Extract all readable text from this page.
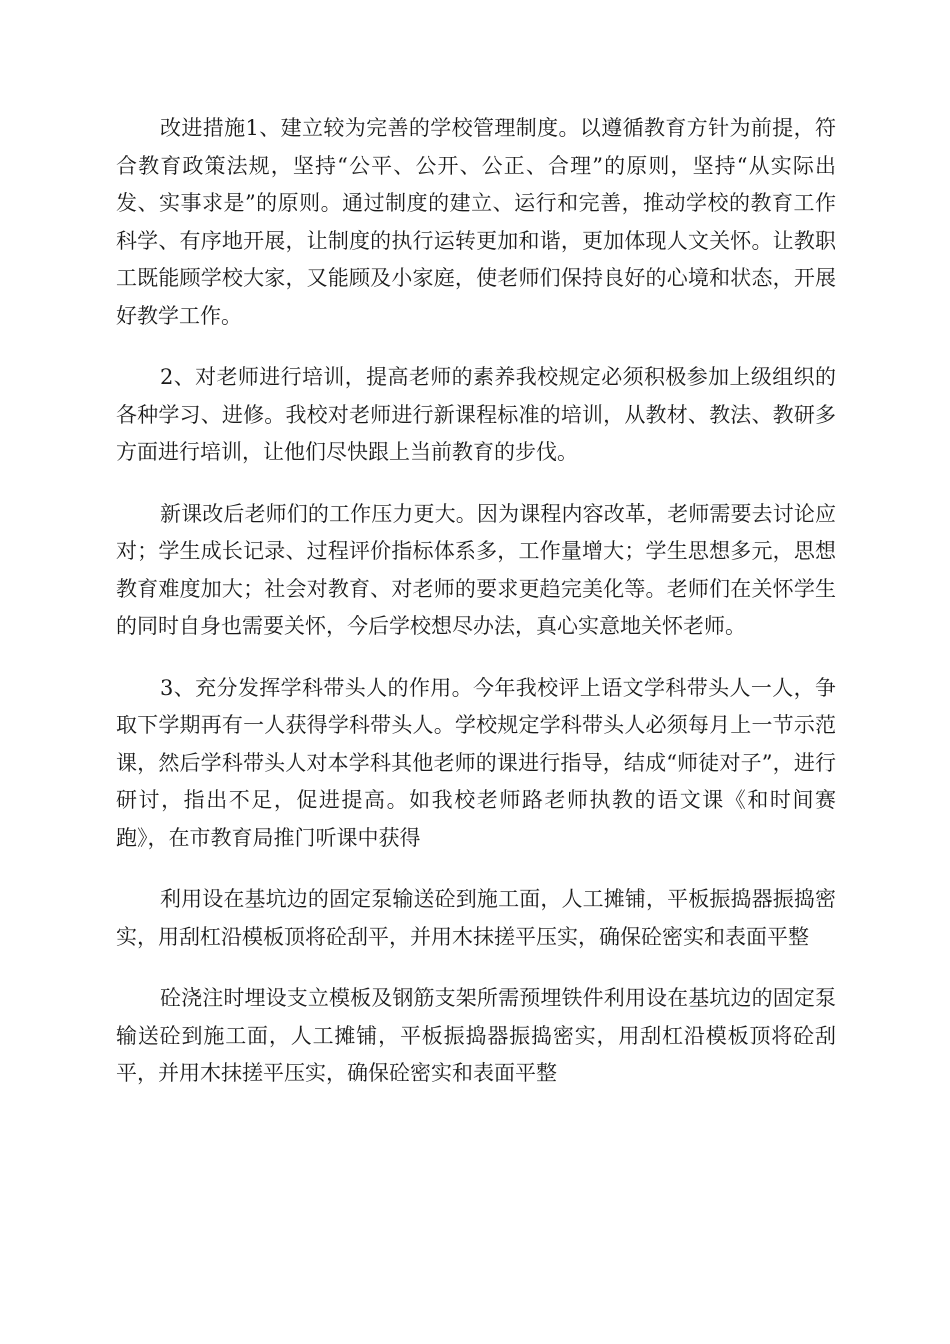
改进措施1、建立较为完善的学校管理制度。以遵循教育方针为前提，符合教育政策法规，坚持“公平、公开、公正、合理”的原则，坚持“从实际出发、实事求是”的原则。通过制度的建立、运行和完善，推动学校的教育工作科学、有序地开展，让制度的执行运转更加和谐，更加体现人文关怀。让教职工既能顾学校大家，又能顾及小家庭，使老师们保持良好的心境和状态，开展好教学工作。

2、对老师进行培训，提高老师的素养我校规定必须积极参加上级组织的各种学习、进修。我校对老师进行新课程标准的培训，从教材、教法、教研多方面进行培训，让他们尽快跟上当前教育的步伐。

新课改后老师们的工作压力更大。因为课程内容改革，老师需要去讨论应对；学生成长记录、过程评价指标体系多，工作量增大；学生思想多元，思想教育难度加大；社会对教育、对老师的要求更趋完美化等。老师们在关怀学生的同时自身也需要关怀，今后学校想尽办法，真心实意地关怀老师。

3、充分发挥学科带头人的作用。今年我校评上语文学科带头人一人，争取下学期再有一人获得学科带头人。学校规定学科带头人必须每月上一节示范课，然后学科带头人对本学科其他老师的课进行指导，结成“师徒对子”，进行研讨，指出不足，促进提高。如我校老师路老师执教的语文课《和时间赛跑》，在市教育局推门听课中获得

利用设在基坑边的固定泵输送砼到施工面，人工摊铺，平板振捣器振捣密实，用刮杠沿模板顶将砼刮平，并用木抹搓平压实，确保砼密实和表面平整

砼浇注时埋设支立模板及钢筋支架所需预埋铁件利用设在基坑边的固定泵输送砼到施工面，人工摊铺，平板振捣器振捣密实，用刮杠沿模板顶将砼刮平，并用木抹搓平压实，确保砼密实和表面平整
